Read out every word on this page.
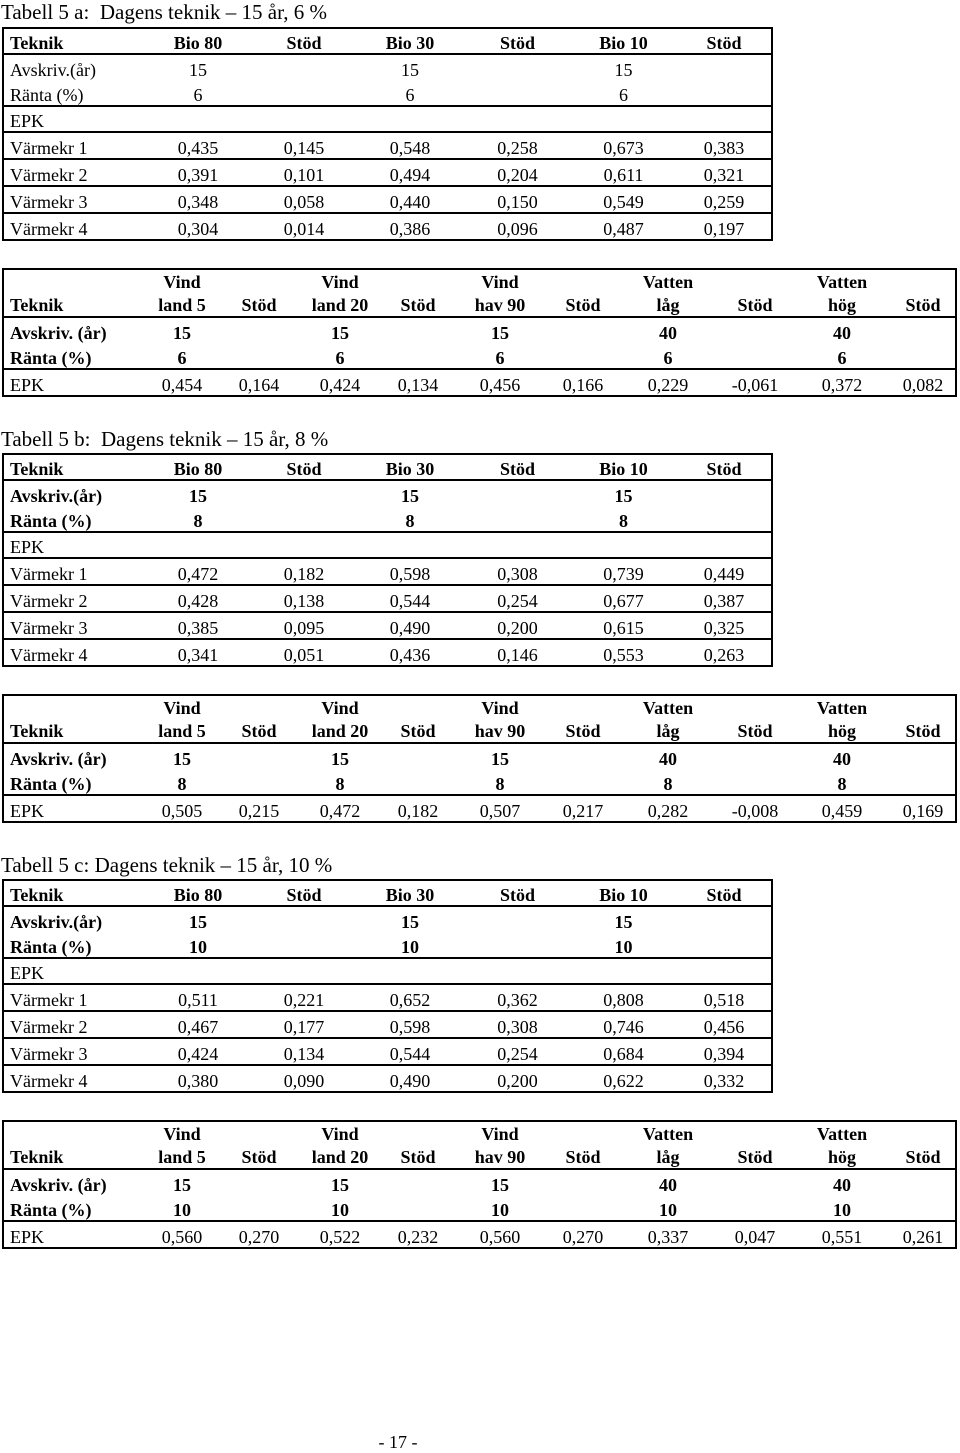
Tabell 5 a:  Dagens teknik – 15 år, 6 %
Teknik	Bio 80	Stöd	Bio 30	Stöd	Bio 10	Stöd
Avskriv.(år)	15		15		15	
Ränta (%)	6		6		6	
EPK						
Värmekr 1	0,435	0,145	0,548	0,258	0,673	0,383
Värmekr 2	0,391	0,101	0,494	0,204	0,611	0,321
Värmekr 3	0,348	0,058	0,440	0,150	0,549	0,259
Värmekr 4	0,304	0,014	0,386	0,096	0,487	0,197
	Vind		Vind		Vind		Vatten		Vatten	
Teknik	land 5	Stöd	land 20	Stöd	hav 90	Stöd	låg	Stöd	hög	Stöd
Avskriv. (år)	15		15		15		40		40	
Ränta (%)	6		6		6		6		6	
EPK	0,454	0,164	0,424	0,134	0,456	0,166	0,229	-0,061	0,372	0,082
Tabell 5 b:  Dagens teknik – 15 år, 8 %
Teknik	Bio 80	Stöd	Bio 30	Stöd	Bio 10	Stöd
Avskriv.(år)	15		15		15	
Ränta (%)	8		8		8	
EPK						
Värmekr 1	0,472	0,182	0,598	0,308	0,739	0,449
Värmekr 2	0,428	0,138	0,544	0,254	0,677	0,387
Värmekr 3	0,385	0,095	0,490	0,200	0,615	0,325
Värmekr 4	0,341	0,051	0,436	0,146	0,553	0,263
	Vind		Vind		Vind		Vatten		Vatten	
Teknik	land 5	Stöd	land 20	Stöd	hav 90	Stöd	låg	Stöd	hög	Stöd
Avskriv. (år)	15		15		15		40		40	
Ränta (%)	8		8		8		8		8	
EPK	0,505	0,215	0,472	0,182	0,507	0,217	0,282	-0,008	0,459	0,169
Tabell 5 c: Dagens teknik – 15 år, 10 %
Teknik	Bio 80	Stöd	Bio 30	Stöd	Bio 10	Stöd
Avskriv.(år)	15		15		15	
Ränta (%)	10		10		10	
EPK						
Värmekr 1	0,511	0,221	0,652	0,362	0,808	0,518
Värmekr 2	0,467	0,177	0,598	0,308	0,746	0,456
Värmekr 3	0,424	0,134	0,544	0,254	0,684	0,394
Värmekr 4	0,380	0,090	0,490	0,200	0,622	0,332
	Vind		Vind		Vind		Vatten		Vatten	
Teknik	land 5	Stöd	land 20	Stöd	hav 90	Stöd	låg	Stöd	hög	Stöd
Avskriv. (år)	15		15		15		40		40	
Ränta (%)	10		10		10		10		10	
EPK	0,560	0,270	0,522	0,232	0,560	0,270	0,337	0,047	0,551	0,261
- 17 -
